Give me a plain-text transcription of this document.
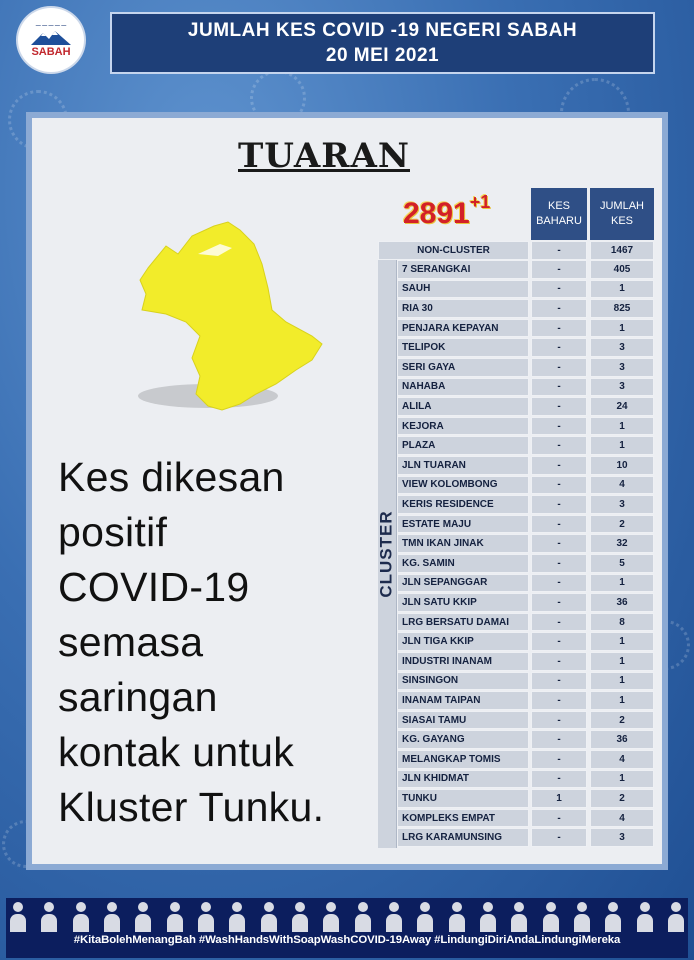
— — — — —
SABAH
JUMLAH KES COVID -19 NEGERI SABAH
20 MEI 2021
TUARAN
$2891^{+1}$	KES
BAHARU
JUMLAH
KES
NON-CLUSTER	-	1467
CLUSTER
7 SERANGKAI	-	405
SAUH	-	1
RIA 30	-	825
PENJARA KEPAYAN	-	1
TELIPOK	-	3
SERI GAYA	-	3
NAHABA	-	3
ALILA	-	24
KEJORA	-	1
PLAZA	-	1
JLN TUARAN	-	10
VIEW KOLOMBONG	-	4
KERIS RESIDENCE	-	3
ESTATE MAJU	-	2
TMN IKAN JINAK	-	32
KG. SAMIN	-	5
JLN SEPANGGAR	-	1
JLN SATU KKIP	-	36
LRG BERSATU DAMAI	-	8
JLN TIGA KKIP	-	1
INDUSTRI INANAM	-	1
SINSINGON	-	1
INANAM TAIPAN	-	1
SIASAI TAMU	-	2
KG. GAYANG	-	36
MELANGKAP TOMIS	-	4
JLN KHIDMAT	-	1
TUNKU	1	2
KOMPLEKS EMPAT	-	4
LRG KARAMUNSING	-	3
Kes dikesan
positif
COVID-19
semasa
saringan
kontak untuk
Kluster Tunku.
#KitaBolehMenangBah #WashHandsWithSoapWashCOVID-19Away #LindungiDiriAndaLindungiMereka
